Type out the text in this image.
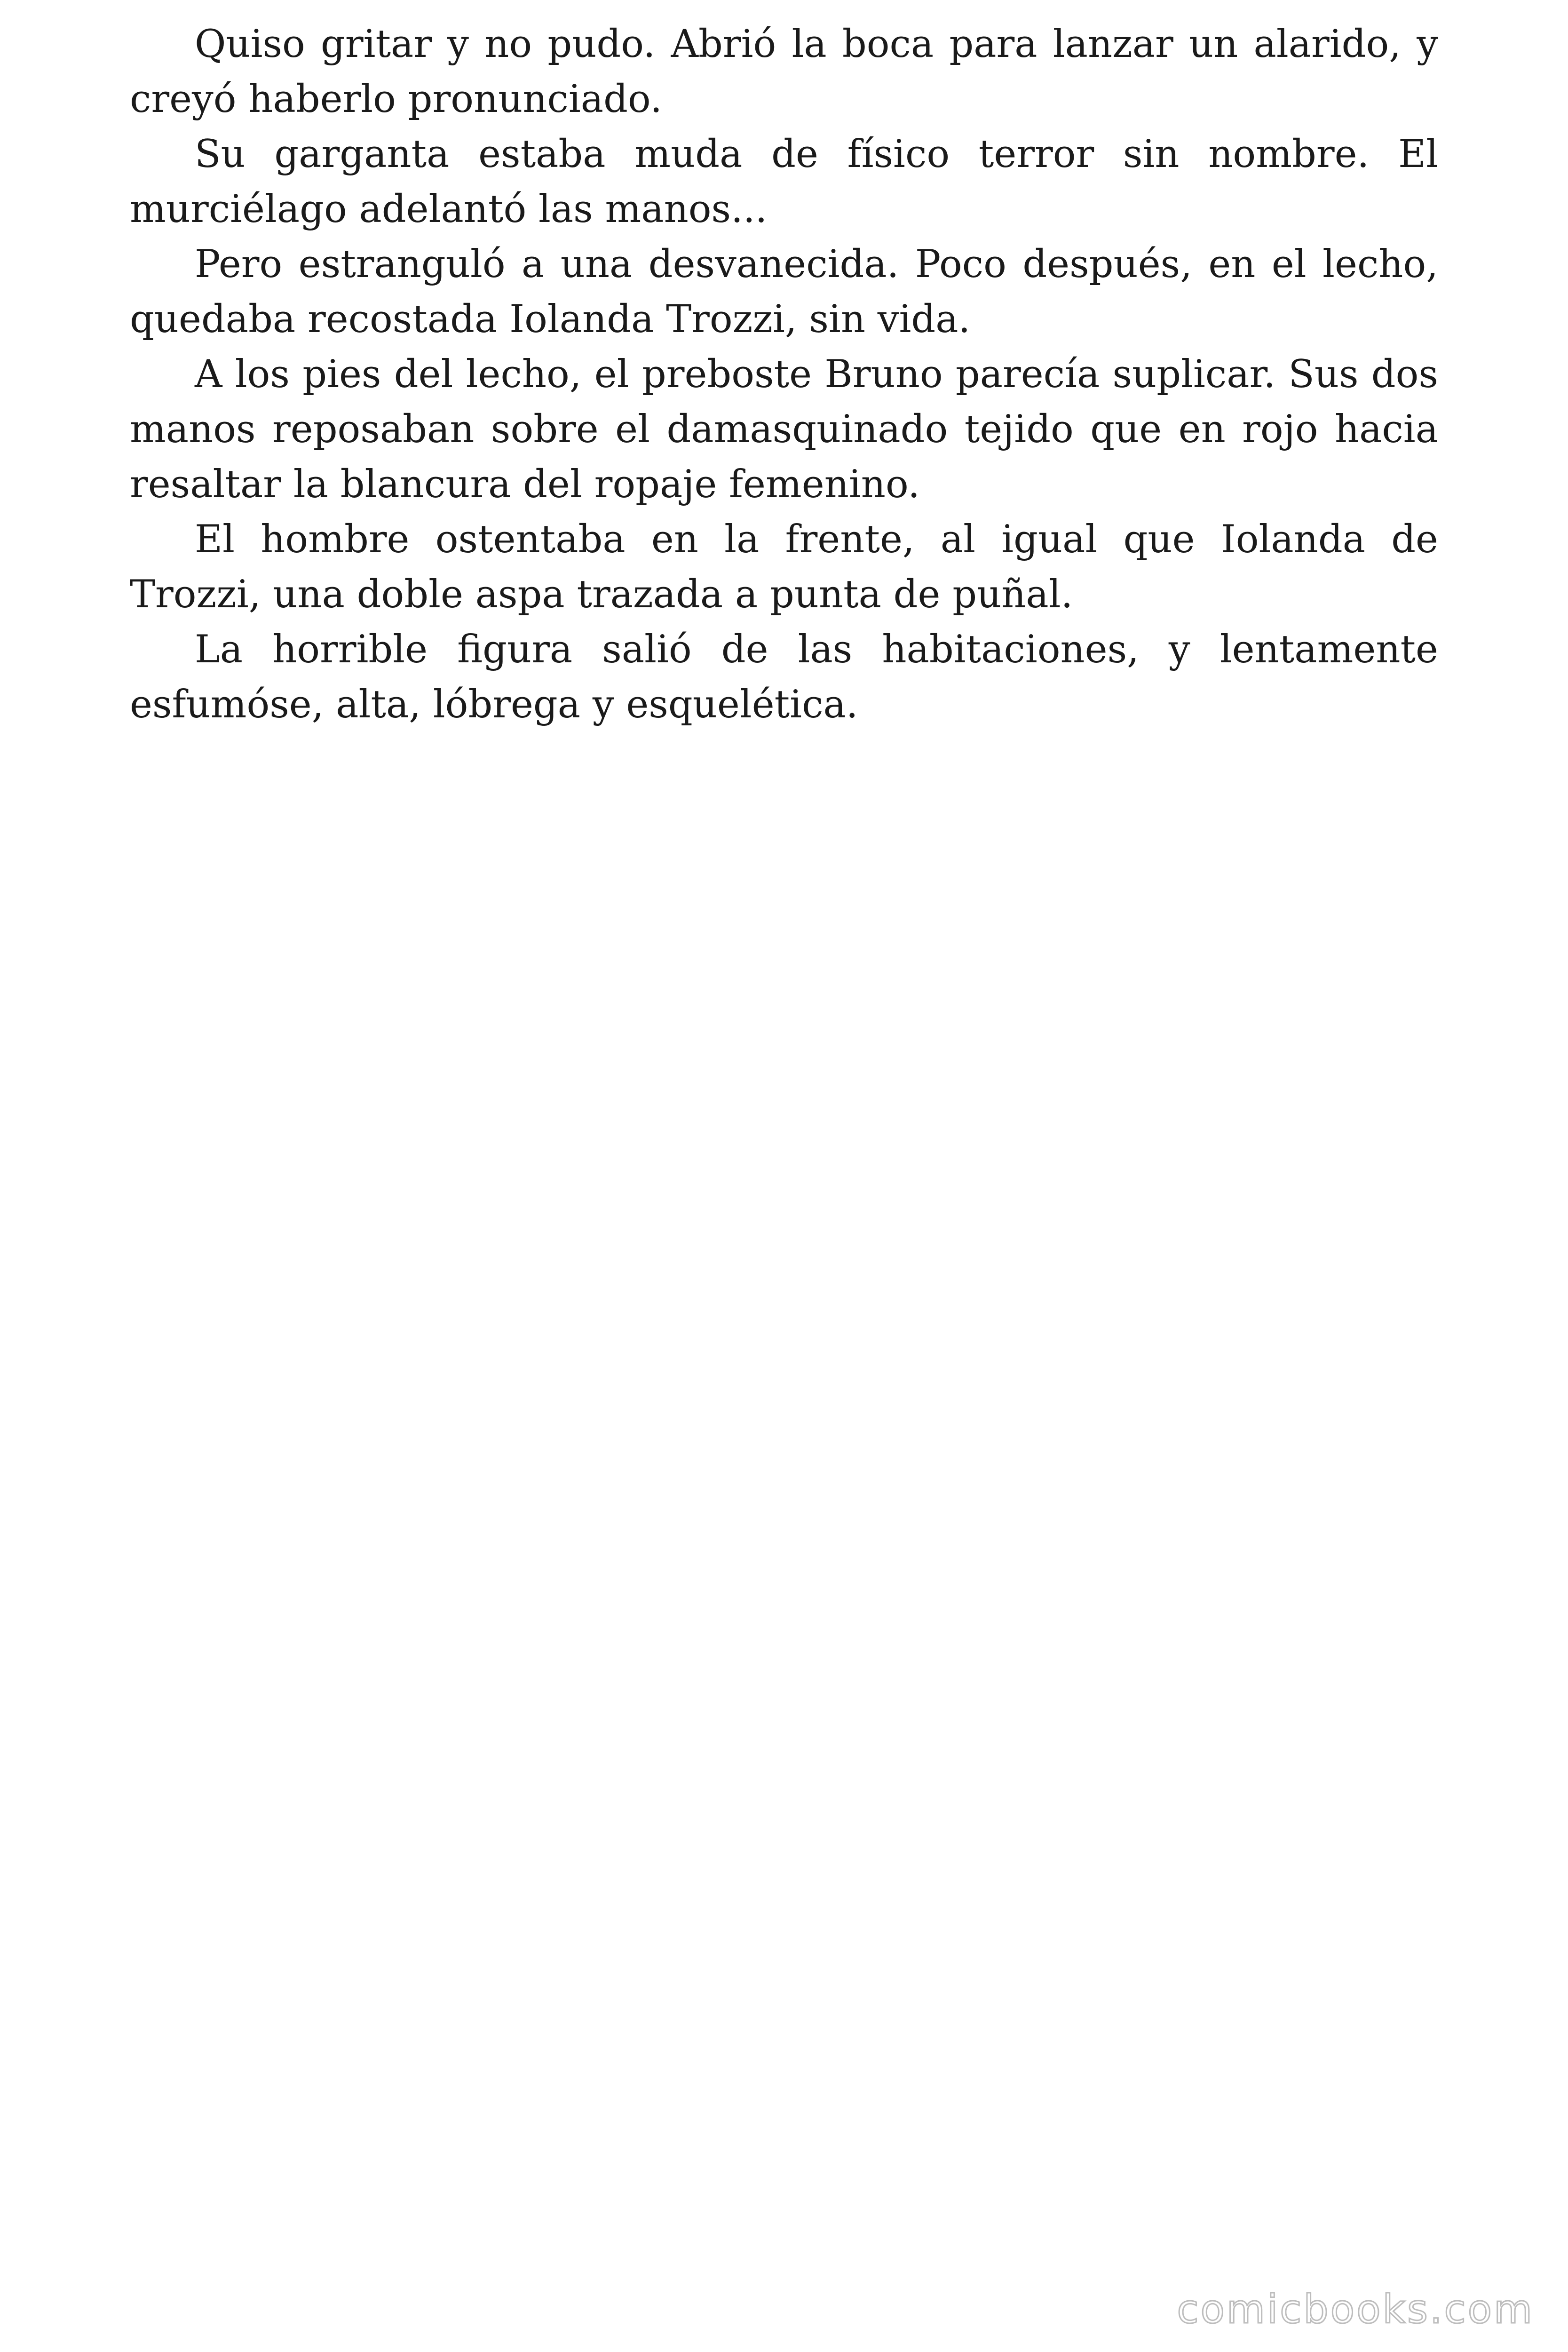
Quiso gritar y no pudo. Abrió la boca para lanzar un alarido, y creyó haberlo pronunciado.

Su garganta estaba muda de físico terror sin nombre. El murciélago adelantó las manos...

Pero estranguló a una desvanecida. Poco después, en el lecho, quedaba recostada Iolanda Trozzi, sin vida.

A los pies del lecho, el preboste Bruno parecía suplicar. Sus dos manos reposaban sobre el damasquinado tejido que en rojo hacia resaltar la blancura del ropaje femenino.

El hombre ostentaba en la frente, al igual que Iolanda de Trozzi, una doble aspa trazada a punta de puñal.

La horrible figura salió de las habitaciones, y lentamente esfumóse, alta, lóbrega y esquelética.

comicbooks.com
